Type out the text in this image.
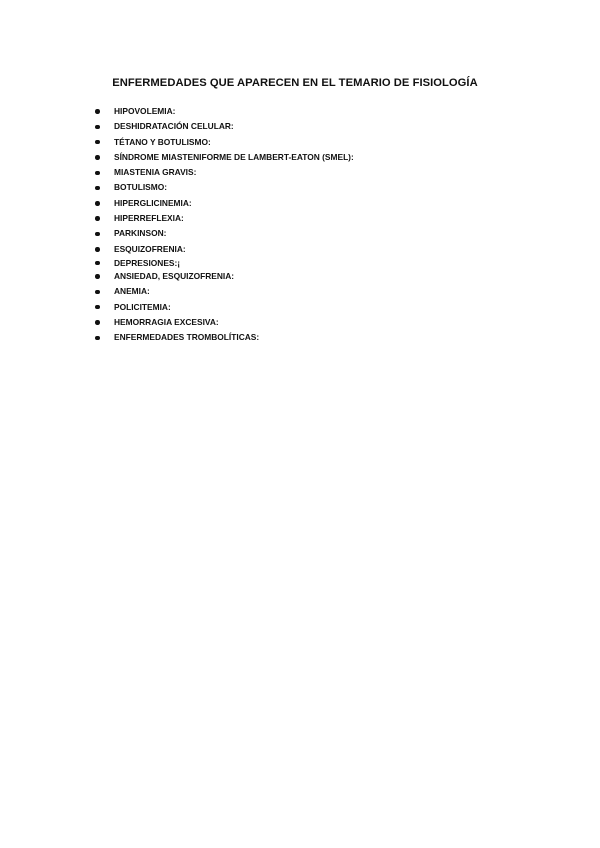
ENFERMEDADES QUE APARECEN EN EL TEMARIO DE FISIOLOGÍA
HIPOVOLEMIA:
DESHIDRATACIÓN CELULAR:
TÉTANO Y BOTULISMO:
SÍNDROME MIASTENIFORME DE LAMBERT-EATON (SMEL):
MIASTENIA GRAVIS:
BOTULISMO:
HIPERGLICINEMIA:
HIPERREFLEXIA:
PARKINSON:
ESQUIZOFRENIA:
DEPRESIONES:¡
ANSIEDAD, ESQUIZOFRENIA:
ANEMIA:
POLICITEMIA:
HEMORRAGIA EXCESIVA:
ENFERMEDADES TROMBOLÍTICAS:
